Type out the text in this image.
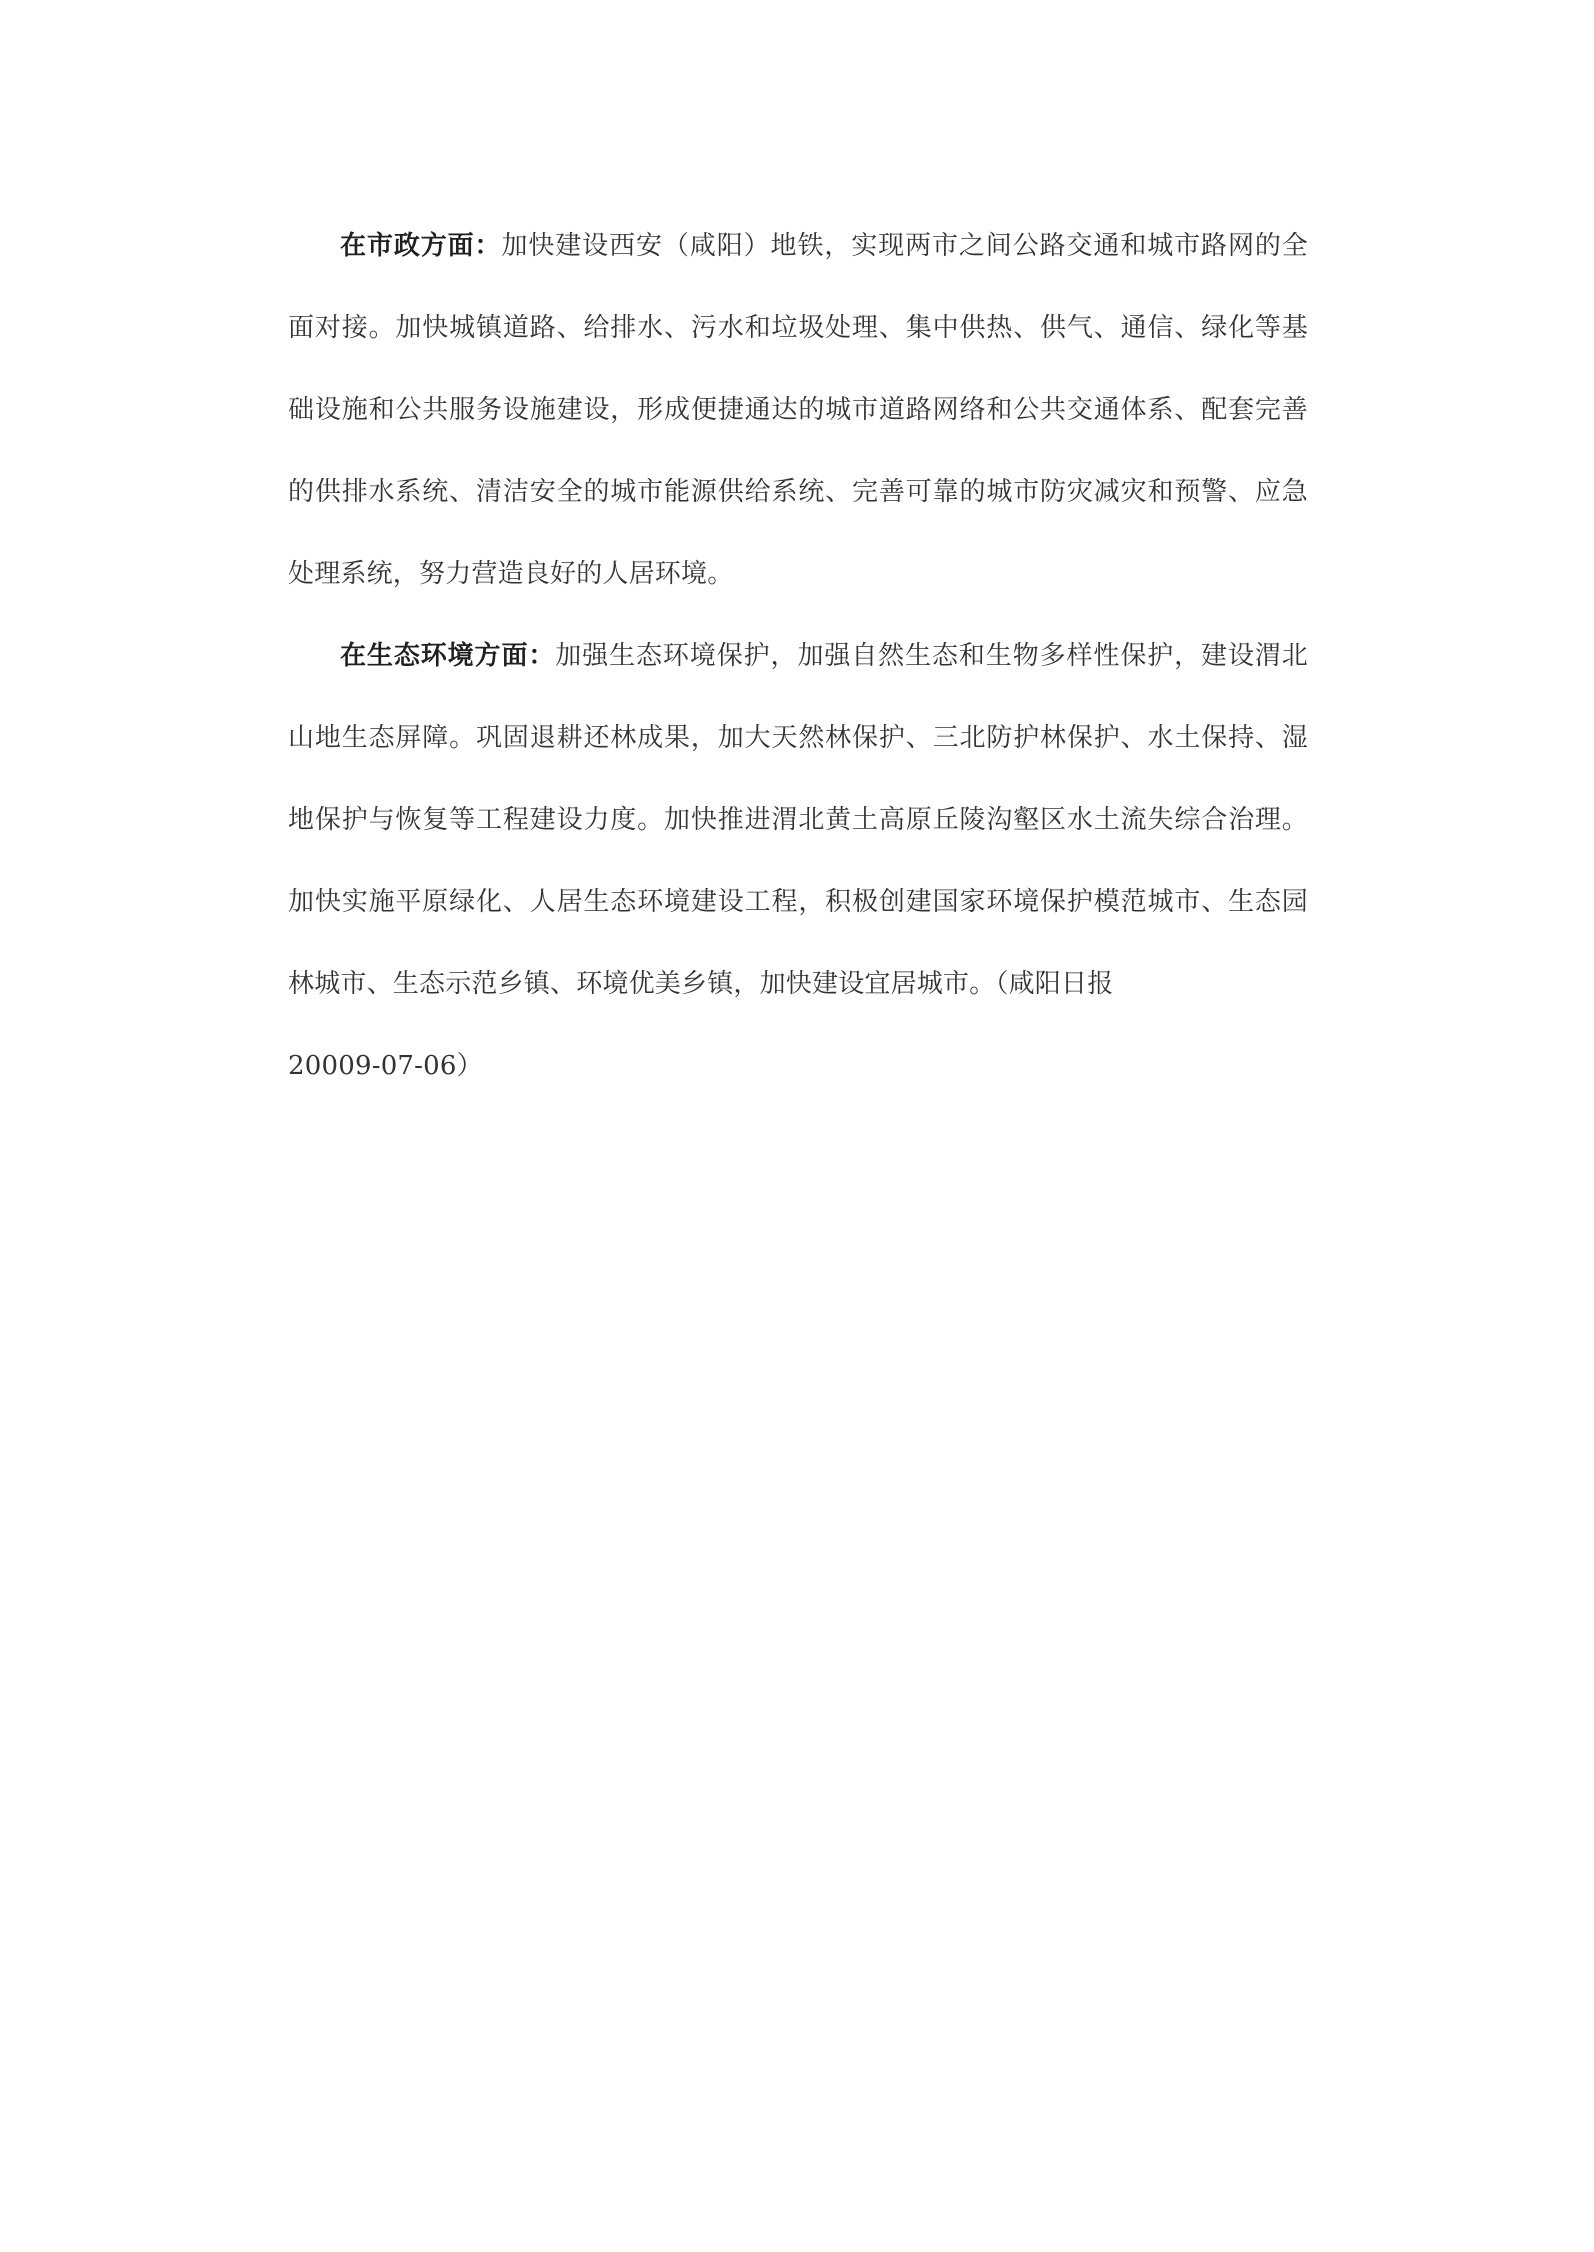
在市政方面：加快建设西安（咸阳）地铁，实现两市之间公路交通和城市路网的全面对接。加快城镇道路、给排水、污水和垃圾处理、集中供热、供气、通信、绿化等基础设施和公共服务设施建设，形成便捷通达的城市道路网络和公共交通体系、配套完善的供排水系统、清洁安全的城市能源供给系统、完善可靠的城市防灾减灾和预警、应急处理系统，努力营造良好的人居环境。

在生态环境方面：加强生态环境保护，加强自然生态和生物多样性保护，建设渭北山地生态屏障。巩固退耕还林成果，加大天然林保护、三北防护林保护、水土保持、湿地保护与恢复等工程建设力度。加快推进渭北黄土高原丘陵沟壑区水土流失综合治理。加快实施平原绿化、人居生态环境建设工程，积极创建国家环境保护模范城市、生态园林城市、生态示范乡镇、环境优美乡镇，加快建设宜居城市。（咸阳日报
20009-07-06）
